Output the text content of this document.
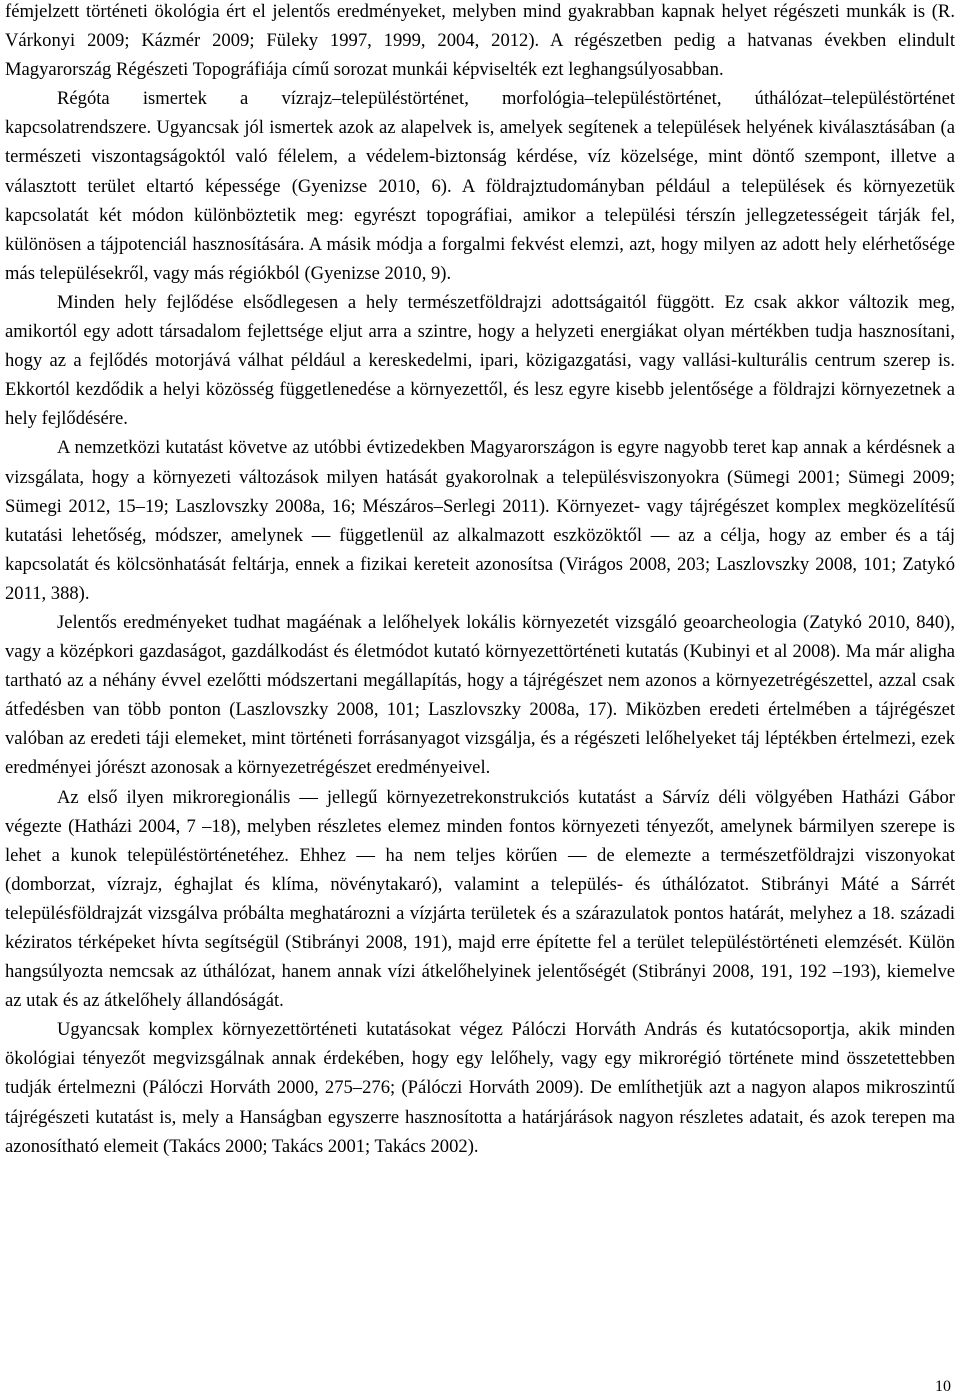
fémjelzett történeti ökológia ért el jelentős eredményeket, melyben mind gyakrabban kapnak helyet régészeti munkák is (R. Várkonyi 2009; Kázmér 2009; Füleky 1997, 1999, 2004, 2012). A régészetben pedig a hatvanas években elindult Magyarország Régészeti Topográfiája című sorozat munkái képviselték ezt leghangsúlyosabban.

Régóta ismertek a vízrajz–településtörténet, morfológia–településtörténet, úthálózat–településtörténet kapcsolatrendszere. Ugyancsak jól ismertek azok az alapelvek is, amelyek segítenek a települések helyének kiválasztásában (a természeti viszontagságoktól való félelem, a védelem-biztonság kérdése, víz közelsége, mint döntő szempont, illetve a választott terület eltartó képessége (Gyenizse 2010, 6). A földrajztudományban például a települések és környezetük kapcsolatát két módon különböztetik meg: egyrészt topográfiai, amikor a települési térszín jellegzetességeit tárják fel, különösen a tájpotenciál hasznosítására. A másik módja a forgalmi fekvést elemzi, azt, hogy milyen az adott hely elérhetősége más településekről, vagy más régiókból (Gyenizse 2010, 9).

Minden hely fejlődése elsődlegesen a hely természetföldrajzi adottságaitól függött. Ez csak akkor változik meg, amikortól egy adott társadalom fejlettsége eljut arra a szintre, hogy a helyzeti energiákat olyan mértékben tudja hasznosítani, hogy az a fejlődés motorjává válhat például a kereskedelmi, ipari, közigazgatási, vagy vallási-kulturális centrum szerep is. Ekkortól kezdődik a helyi közösség függetlenedése a környezettől, és lesz egyre kisebb jelentősége a földrajzi környezetnek a hely fejlődésére.

A nemzetközi kutatást követve az utóbbi évtizedekben Magyarországon is egyre nagyobb teret kap annak a kérdésnek a vizsgálata, hogy a környezeti változások milyen hatását gyakorolnak a településviszonyokra (Sümegi 2001; Sümegi 2009; Sümegi 2012, 15–19; Laszlovszky 2008a, 16; Mészáros–Serlegi 2011). Környezet- vagy tájrégészet komplex megközelítésű kutatási lehetőség, módszer, amelynek — függetlenül az alkalmazott eszközöktől — az a célja, hogy az ember és a táj kapcsolatát és kölcsönhatását feltárja, ennek a fizikai kereteit azonosítsa (Virágos 2008, 203; Laszlovszky 2008, 101; Zatykó 2011, 388).

Jelentős eredményeket tudhat magáénak a lelőhelyek lokális környezetét vizsgáló geoarcheologia (Zatykó 2010, 840), vagy a középkori gazdaságot, gazdálkodást és életmódot kutató környezettörténeti kutatás (Kubinyi et al 2008). Ma már aligha tartható az a néhány évvel ezelőtti módszertani megállapítás, hogy a tájrégészet nem azonos a környezetrégészettel, azzal csak átfedésben van több ponton (Laszlovszky 2008, 101; Laszlovszky 2008a, 17). Miközben eredeti értelmében a tájrégészet valóban az eredeti táji elemeket, mint történeti forrásanyagot vizsgálja, és a régészeti lelőhelyeket táj léptékben értelmezi, ezek eredményei jórészt azonosak a környezetrégészet eredményeivel.

Az első ilyen mikroregionális — jellegű környezetrekonstrukciós kutatást a Sárvíz déli völgyében Hatházi Gábor végezte (Hatházi 2004, 7 –18), melyben részletes elemez minden fontos környezeti tényezőt, amelynek bármilyen szerepe is lehet a kunok településtörténetéhez. Ehhez — ha nem teljes körűen — de elemezte a természetföldrajzi viszonyokat (domborzat, vízrajz, éghajlat és klíma, növénytakaró), valamint a település- és úthálózatot. Stibrányi Máté a Sárrét településföldrajzát vizsgálva próbálta meghatározni a vízjárta területek és a szárazulatok pontos határát, melyhez a 18. századi kéziratos térképeket hívta segítségül (Stibrányi 2008, 191), majd erre építette fel a terület településtörténeti elemzését. Külön hangsúlyozta nemcsak az úthálózat, hanem annak vízi átkelőhelyinek jelentőségét (Stibrányi 2008, 191, 192 –193), kiemelve az utak és az átkelőhely állandóságát.

Ugyancsak komplex környezettörténeti kutatásokat végez Pálóczi Horváth András és kutatócsoportja, akik minden ökológiai tényezőt megvizsgálnak annak érdekében, hogy egy lelőhely, vagy egy mikrorégió története mind összetettebben tudják értelmezni (Pálóczi Horváth 2000, 275–276; (Pálóczi Horváth 2009). De említhetjük azt a nagyon alapos mikroszintű tájrégészeti kutatást is, mely a Hanságban egyszerre hasznosította a határjárások nagyon részletes adatait, és azok terepen ma azonosítható elemeit (Takács 2000; Takács 2001; Takács 2002).

10
